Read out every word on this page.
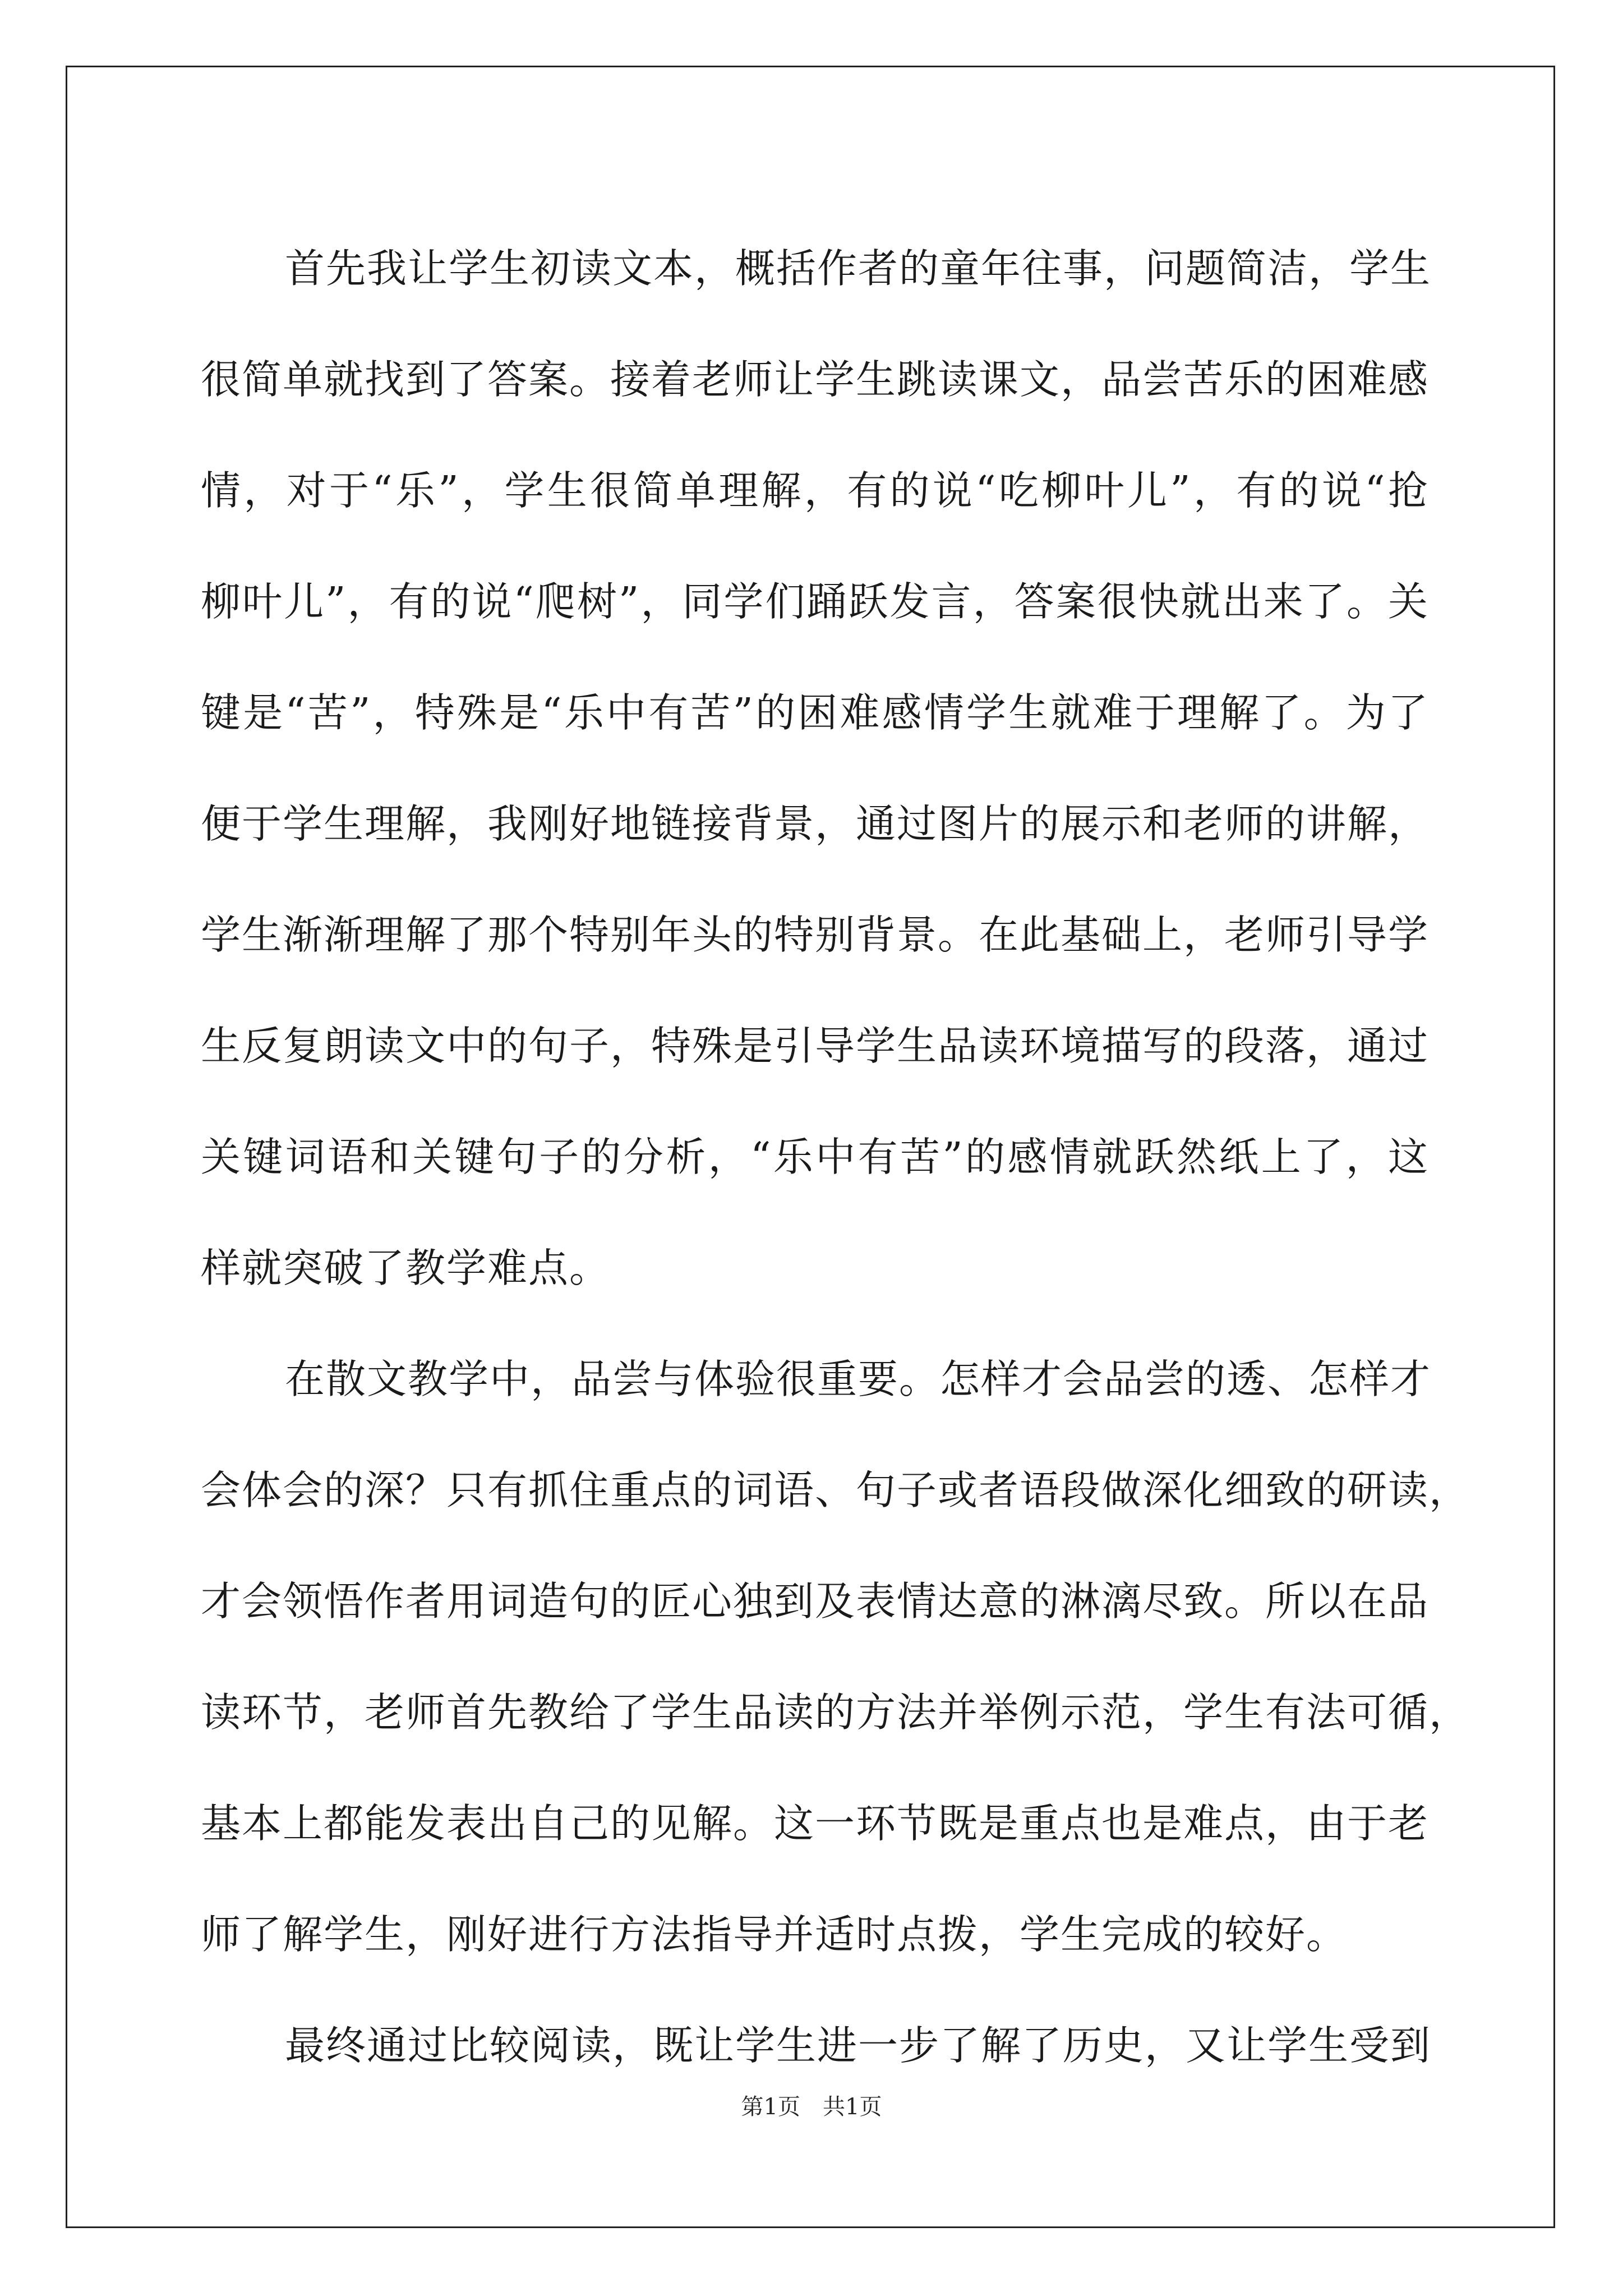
首先我让学生初读文本，概括作者的童年往事，问题简洁，学生
很简单就找到了答案。接着老师让学生跳读课文，品尝苦乐的困难感
情，对于“乐”，学生很简单理解，有的说“吃柳叶儿”，有的说“抢
柳叶儿”，有的说“爬树”，同学们踊跃发言，答案很快就出来了。关
键是“苦”，特殊是“乐中有苦”的困难感情学生就难于理解了。为了
便于学生理解，我刚好地链接背景，通过图片的展示和老师的讲解，
学生渐渐理解了那个特别年头的特别背景。在此基础上，老师引导学
生反复朗读文中的句子，特殊是引导学生品读环境描写的段落，通过
关键词语和关键句子的分析，“乐中有苦”的感情就跃然纸上了，这
样就突破了教学难点。
在散文教学中，品尝与体验很重要。怎样才会品尝的透、怎样才
会体会的深？只有抓住重点的词语、句子或者语段做深化细致的研读，
才会领悟作者用词造句的匠心独到及表情达意的淋漓尽致。所以在品
读环节，老师首先教给了学生品读的方法并举例示范，学生有法可循，
基本上都能发表出自己的见解。这一环节既是重点也是难点，由于老
师了解学生，刚好进行方法指导并适时点拨，学生完成的较好。
最终通过比较阅读，既让学生进一步了解了历史，又让学生受到
第1页 共1页
